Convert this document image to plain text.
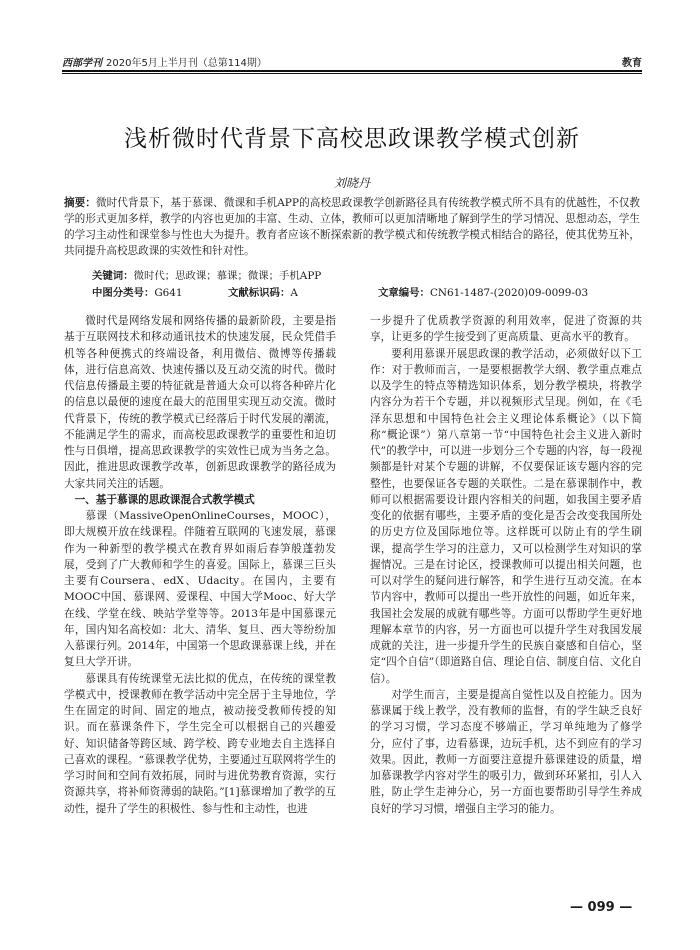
西部学刊 2020年5月上半月刊（总第114期）	教育
浅析微时代背景下高校思政课教学模式创新
刘晓丹
摘要：微时代背景下，基于慕课、微课和手机APP的高校思政课教学创新路径具有传统教学模式所不具有的优越性，不仅教学的形式更加多样，教学的内容也更加的丰富、生动、立体，教师可以更加清晰地了解到学生的学习情况、思想动态，学生的学习主动性和课堂参与性也大为提升。教育者应该不断探索新的教学模式和传统教学模式相结合的路径，使其优势互补，共同提升高校思政课的实效性和针对性。
关键词：微时代；思政课；慕课；微课；手机APP
中图分类号：G641	文献标识码：A	文章编号：CN61-1487-(2020)09-0099-03

微时代是网络发展和网络传播的最新阶段，主要是指基于互联网技术和移动通讯技术的快速发展，民众凭借手机等各种便携式的终端设备，利用微信、微博等传播载体，进行信息高效、快速传播以及互动交流的时代。微时代信息传播最主要的特征就是普通大众可以将各种碎片化的信息以最便的速度在最大的范围里实现互动交流。微时代背景下，传统的教学模式已经落后于时代发展的潮流，不能满足学生的需求，而高校思政课教学的重要性和迫切性与日俱增，提高思政课教学的实效性已成为当务之急。因此，推进思政课教学改革，创新思政课教学的路径成为大家共同关注的话题。

一、基于慕课的思政课混合式教学模式

慕课（MassiveOpenOnlineCourses，MOOC），即大规模开放在线课程。伴随着互联网的飞速发展，慕课作为一种新型的教学模式在教育界如雨后春笋般蓬勃发展，受到了广大教师和学生的喜爱。国际上，慕课三巨头主要有Coursera、edX、Udacity。在国内，主要有MOOC中国、慕课网、爱课程、中国大学Mooc、好大学在线、学堂在线、映站学堂等等。2013年是中国慕课元年，国内知名高校如：北大、清华、复旦、西大等纷纷加入慕课行列。2014年，中国第一个思政课慕课上线，并在复旦大学开讲。

慕课具有传统课堂无法比拟的优点，在传统的课堂教学模式中，授课教师在教学活动中完全居于主导地位，学生在固定的时间、固定的地点，被动接受教师传授的知识。而在慕课条件下，学生完全可以根据自己的兴趣爱好、知识储备等跨区域、跨学校、跨专业地去自主选择自己喜欢的课程。“慕课教学优势，主要通过互联网将学生的学习时间和空间有效拓展，同时与进优势教育资源，实行资源共享，将补师资薄弱的缺陷。”[1]慕课增加了教学的互动性，提升了学生的积极性、参与性和主动性，也进

一步提升了优质教学资源的利用效率，促进了资源的共享，让更多的学生接受到了更高质量、更高水平的教育。

要利用慕课开展思政课的教学活动，必须做好以下工作：对于教师而言，一是要根据教学大纲、教学重点难点以及学生的特点等精选知识体系，划分教学模块，将教学内容分为若干个专题，并以视频形式呈现。例如，在《毛泽东思想和中国特色社会主义理论体系概论》（以下简称“概论课”）第八章第一节“中国特色社会主义进入新时代”的教学中，可以进一步划分三个专题的内容，每一段视频都是针对某个专题的讲解，不仅要保证该专题内容的完整性，也要保证各专题的关联性。二是在慕课制作中，教师可以根据需要设计跟内容相关的问题，如我国主要矛盾变化的依据有哪些，主要矛盾的变化是否会改变我国所处的历史方位及国际地位等。这样既可以防止有的学生刷课，提高学生学习的注意力，又可以检测学生对知识的掌握情况。三是在讨论区，授课教师可以提出相关问题，也可以对学生的疑问进行解答，和学生进行互动交流。在本节内容中，教师可以提出一些开放性的问题，如近年来，我国社会发展的成就有哪些等。方面可以帮助学生更好地理解本章节的内容，另一方面也可以提升学生对我国发展成就的关注，进一步提升学生的民族自豪感和自信心，坚定“四个自信”（即道路自信、理论自信、制度自信、文化自信）。

对学生而言，主要是提高自觉性以及自控能力。因为慕课属于线上教学，没有教师的监督，有的学生缺乏良好的学习习惯，学习态度不够端正，学习单纯地为了修学分，应付了事，边看慕课，边玩手机，达不到应有的学习效果。因此，教师一方面要注意提升慕课建设的质量，增加慕课教学内容对学生的吸引力，做到环环紧扣，引人入胜，防止学生走神分心，另一方面也要帮助引导学生养成良好的学习习惯，增强自主学习的能力。

— 099 —
